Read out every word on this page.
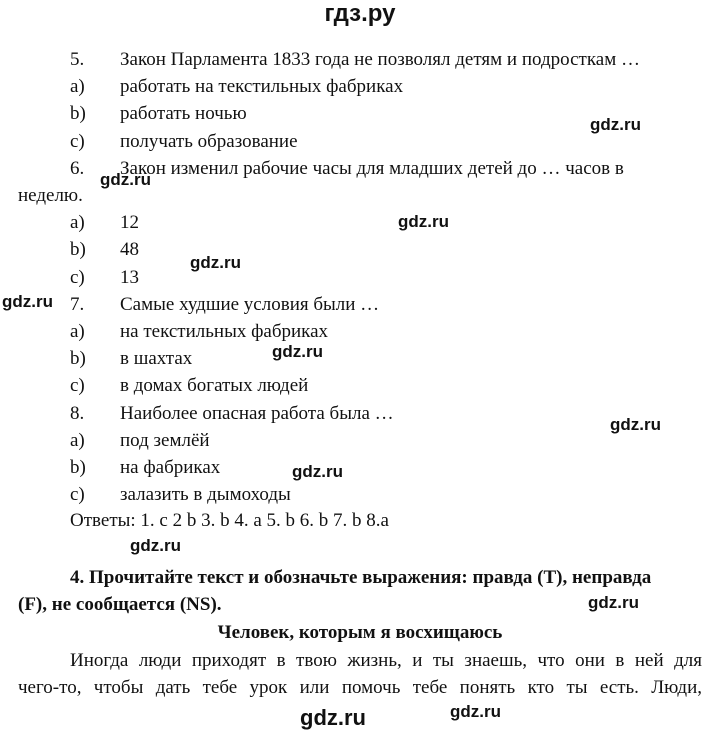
гдз.ру
5. Закон Парламента 1833 года не позволял детям и подросткам …
a) работать на текстильных фабриках
b) работать ночью
c) получать образование
6. Закон изменил рабочие часы для младших детей до … часов в
неделю.
a) 12
b) 48
c) 13
7. Самые худшие условия были …
a) на текстильных фабриках
b) в шахтах
c) в домах богатых людей
8. Наиболее опасная работа была …
a) под землёй
b) на фабриках
c) залазить в дымоходы
Ответы: 1. c 2 b 3. b 4. a 5. b 6. b 7. b 8.a
4. Прочитайте текст и обозначьте выражения: правда (T), неправда
(F), не сообщается (NS).
Человек, которым я восхищаюсь
Иногда люди приходят в твою жизнь, и ты знаешь, что они в ней для
чего-то, чтобы дать тебе урок или помочь тебе понять кто ты есть. Люди,
gdz.ru
gdz.ru
gdz.ru
gdz.ru
gdz.ru
gdz.ru
gdz.ru
gdz.ru
gdz.ru
gdz.ru
gdz.ru
gdz.ru
